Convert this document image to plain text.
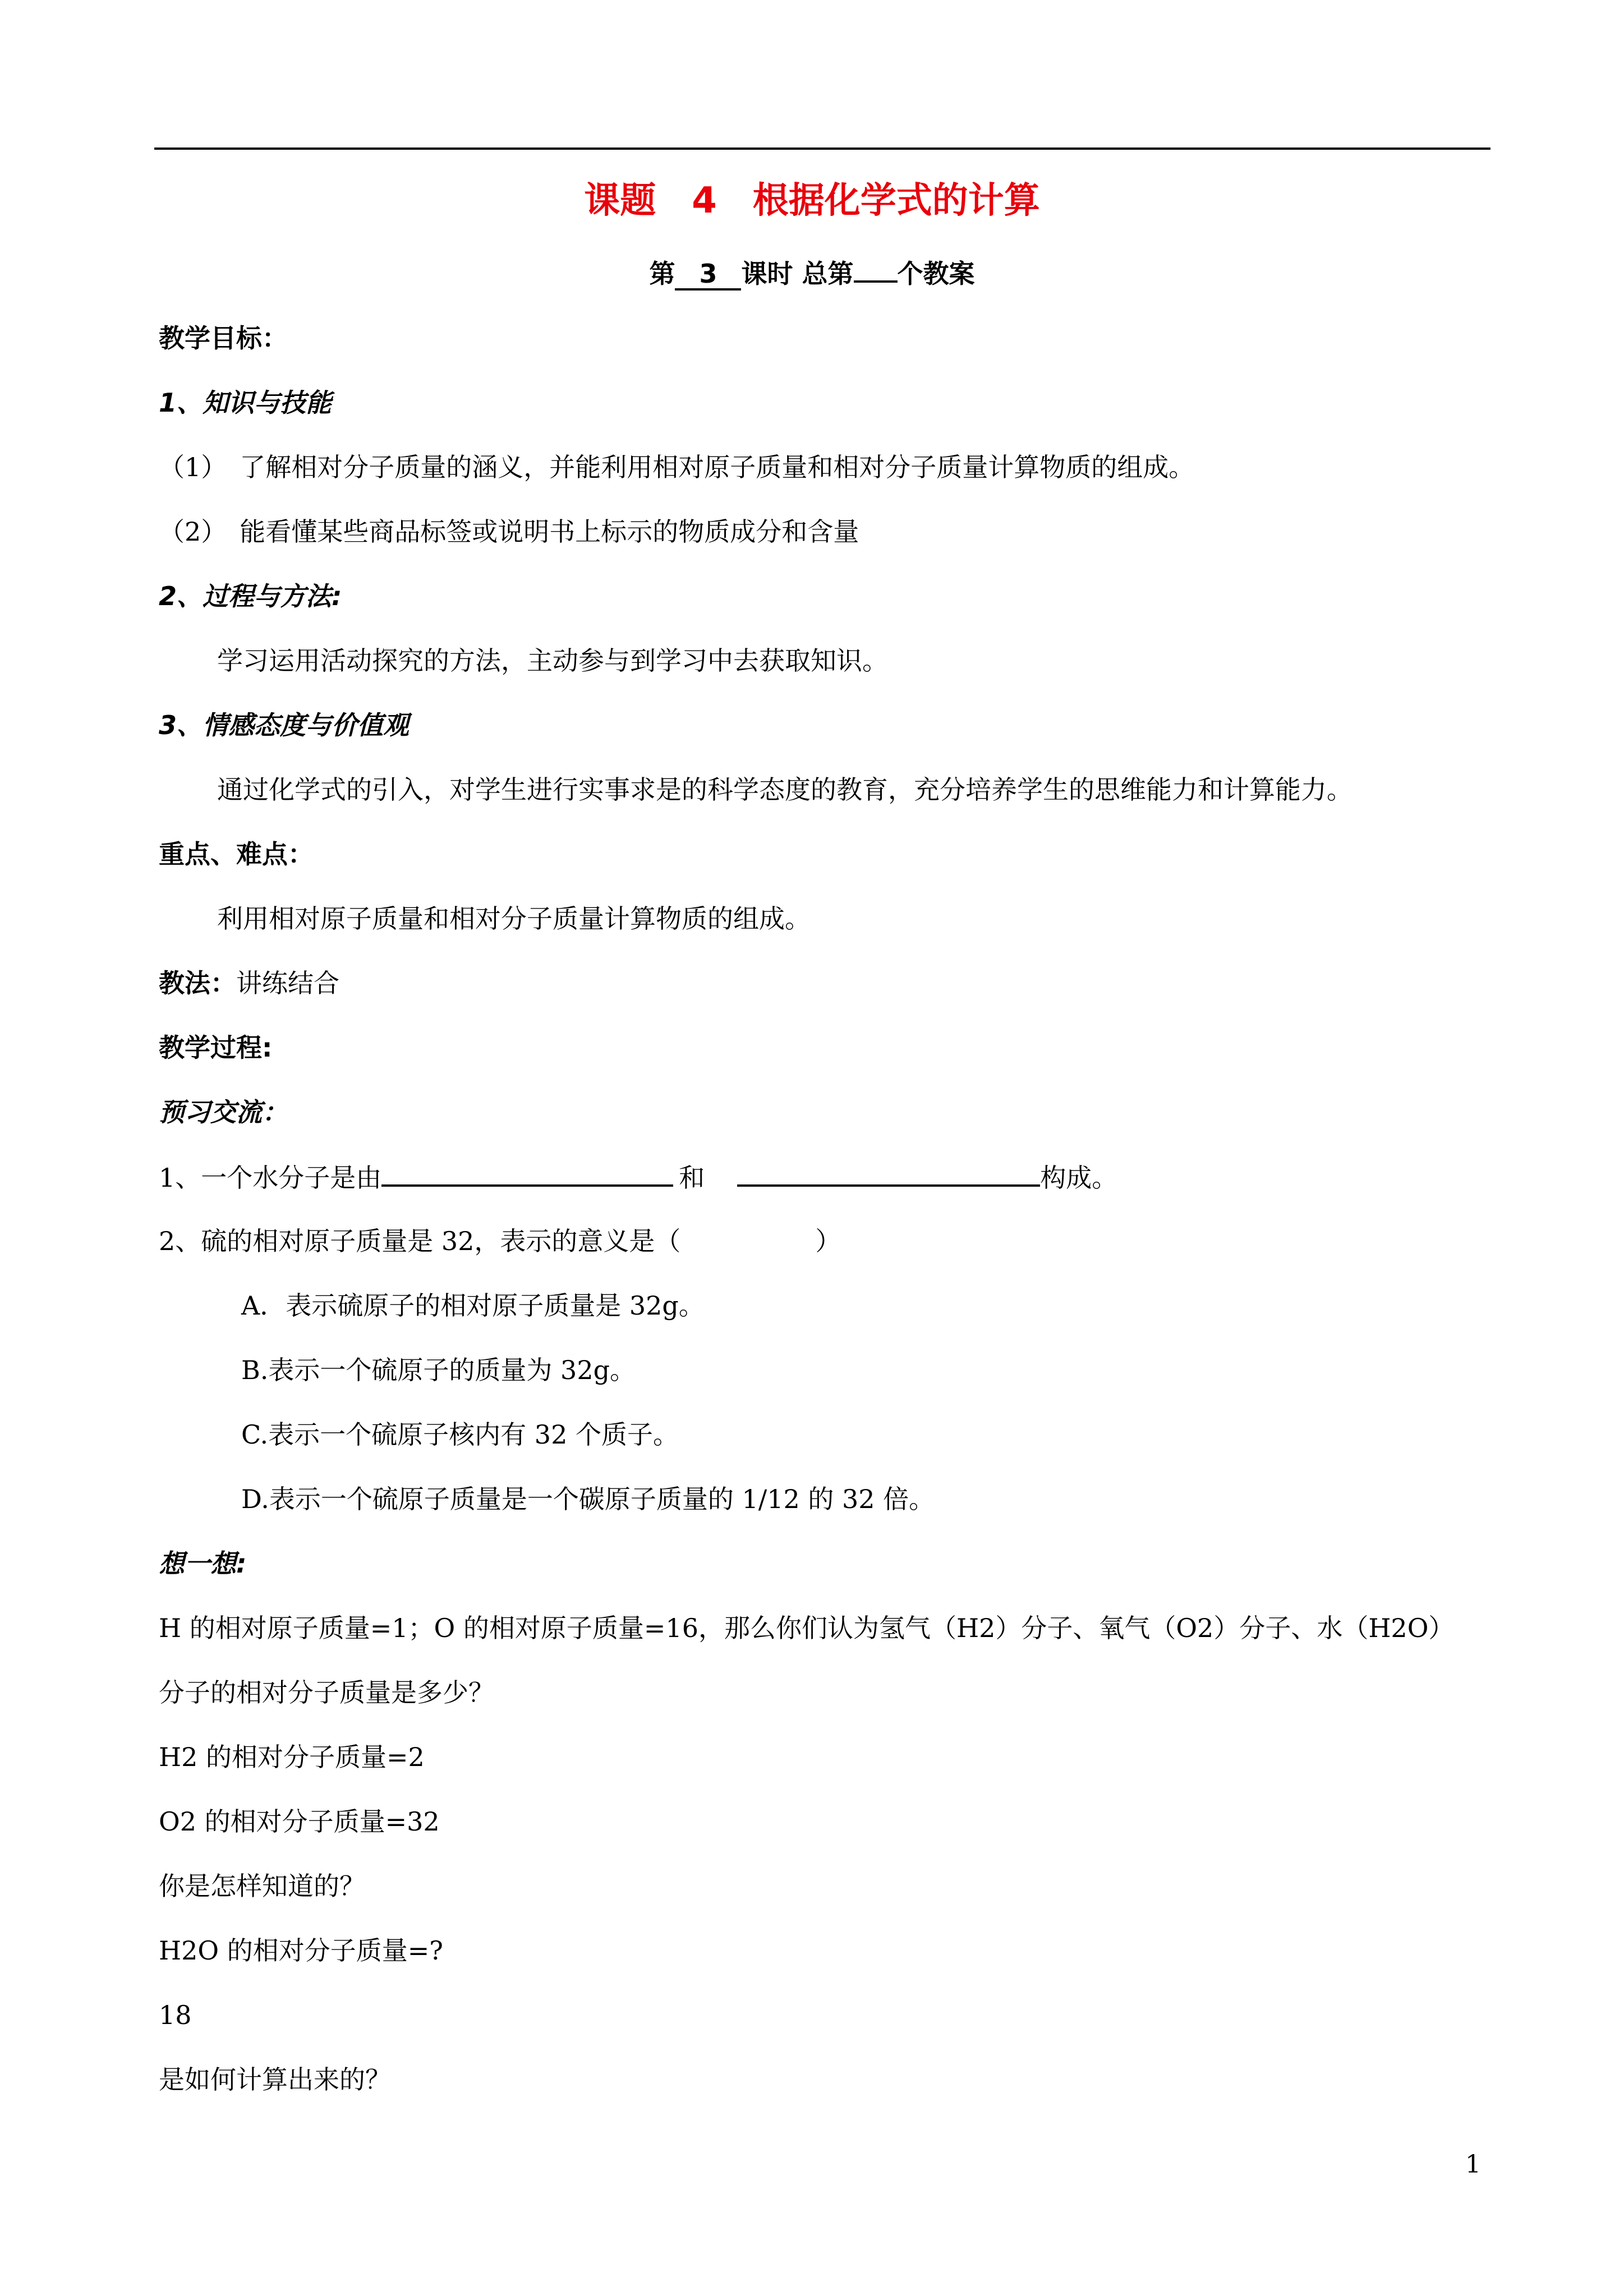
课题　4　根据化学式的计算
第 3 课时 总第 个教案
教学目标：
1、知识与技能
（1）　了解相对分子质量的涵义，并能利用相对原子质量和相对分子质量计算物质的组成。
（2）　能看懂某些商品标签或说明书上标示的物质成分和含量
2、过程与方法:
学习运用活动探究的方法，主动参与到学习中去获取知识。
3、情感态度与价值观
通过化学式的引入，对学生进行实事求是的科学态度的教育，充分培养学生的思维能力和计算能力。
重点、难点：
利用相对原子质量和相对分子质量计算物质的组成。
教法：讲练结合
教学过程:
预习交流：
1、一个水分子是由	和	构成。
2、硫的相对原子质量是 32，表示的意义是（	）
A．表示硫原子的相对原子质量是 32g。
B.表示一个硫原子的质量为 32g。
C.表示一个硫原子核内有 32 个质子。
D.表示一个硫原子质量是一个碳原子质量的 1/12 的 32 倍。
想一想:
H 的相对原子质量=1；O 的相对原子质量=16，那么你们认为氢气（H2）分子、氧气（O2）分子、水（H2O）
分子的相对分子质量是多少？
H2 的相对分子质量=2
O2 的相对分子质量=32
你是怎样知道的？
H2O 的相对分子质量=?
18
是如何计算出来的？
1
